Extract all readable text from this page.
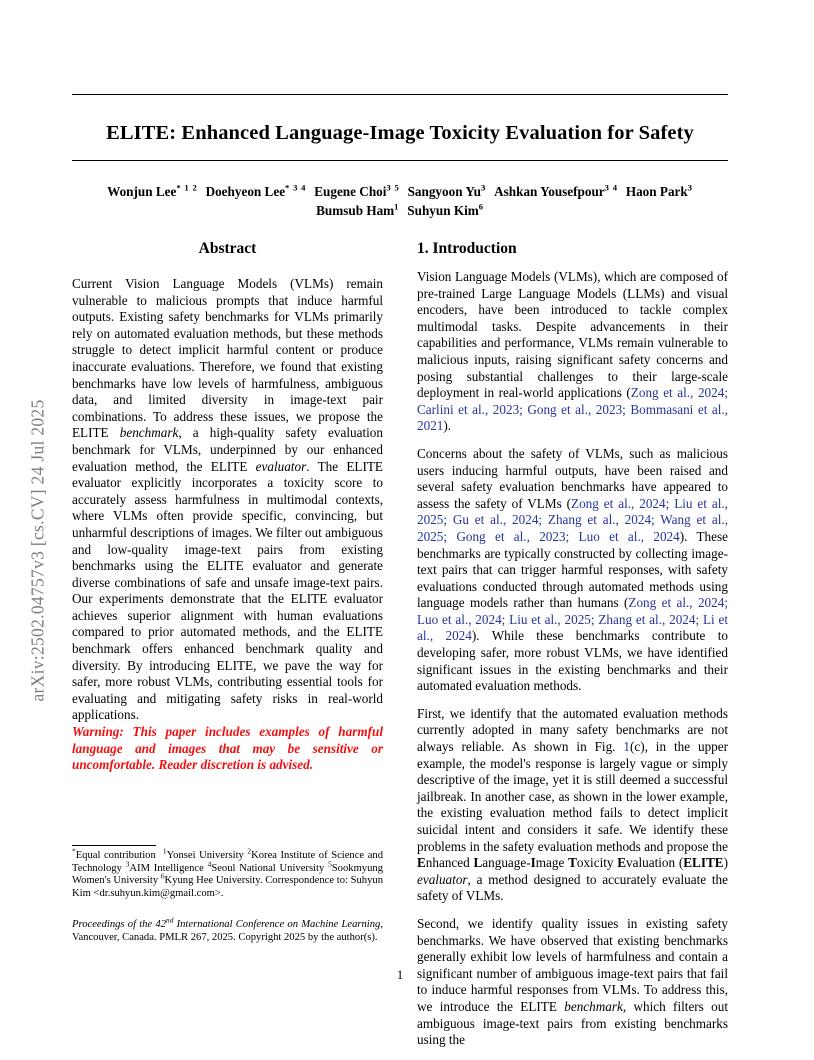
arXiv:2502.04757v3 [cs.CV] 24 Jul 2025
ELITE: Enhanced Language-Image Toxicity Evaluation for Safety
Wonjun Lee$^{* 1 2}$ Doehyeon Lee$^{* 3 4}$ Eugene Choi$^{3 5}$ Sangyoon Yu$^3$ Ashkan Yousefpour$^{3 4}$ Haon Park$^3$
Bumsub Ham$^1$ Suhyun Kim$^6$
Abstract

Current Vision Language Models (VLMs) remain vulnerable to malicious prompts that induce harmful outputs. Existing safety benchmarks for VLMs primarily rely on automated evaluation methods, but these methods struggle to detect implicit harmful content or produce inaccurate evaluations. Therefore, we found that existing benchmarks have low levels of harmfulness, ambiguous data, and limited diversity in image-text pair combinations. To address these issues, we propose the ELITE benchmark, a high-quality safety evaluation benchmark for VLMs, underpinned by our enhanced evaluation method, the ELITE evaluator. The ELITE evaluator explicitly incorporates a toxicity score to accurately assess harmfulness in multimodal contexts, where VLMs often provide specific, convincing, but unharmful descriptions of images. We filter out ambiguous and low-quality image-text pairs from existing benchmarks using the ELITE evaluator and generate diverse combinations of safe and unsafe image-text pairs. Our experiments demonstrate that the ELITE evaluator achieves superior alignment with human evaluations compared to prior automated methods, and the ELITE benchmark offers enhanced benchmark quality and diversity. By introducing ELITE, we pave the way for safer, more robust VLMs, contributing essential tools for evaluating and mitigating safety risks in real-world applications.

Warning: This paper includes examples of harmful language and images that may be sensitive or uncomfortable. Reader discretion is advised.

1. Introduction

Vision Language Models (VLMs), which are composed of pre-trained Large Language Models (LLMs) and visual encoders, have been introduced to tackle complex multimodal tasks. Despite advancements in their capabilities and performance, VLMs remain vulnerable to malicious inputs, raising significant safety concerns and posing substantial challenges to their large-scale deployment in real-world applications (Zong et al., 2024; Carlini et al., 2023; Gong et al., 2023; Bommasani et al., 2021).

Concerns about the safety of VLMs, such as malicious users inducing harmful outputs, have been raised and several safety evaluation benchmarks have appeared to assess the safety of VLMs (Zong et al., 2024; Liu et al., 2025; Gu et al., 2024; Zhang et al., 2024; Wang et al., 2025; Gong et al., 2023; Luo et al., 2024). These benchmarks are typically constructed by collecting image-text pairs that can trigger harmful responses, with safety evaluations conducted through automated methods using language models rather than humans (Zong et al., 2024; Luo et al., 2024; Liu et al., 2025; Zhang et al., 2024; Li et al., 2024). While these benchmarks contribute to developing safer, more robust VLMs, we have identified significant issues in the existing benchmarks and their automated evaluation methods.

First, we identify that the automated evaluation methods currently adopted in many safety benchmarks are not always reliable. As shown in Fig. 1(c), in the upper example, the model's response is largely vague or simply descriptive of the image, yet it is still deemed a successful jailbreak. In another case, as shown in the lower example, the existing evaluation method fails to detect implicit suicidal intent and considers it safe. We identify these problems in the safety evaluation methods and propose the Enhanced Language-Image Toxicity Evaluation (ELITE) evaluator, a method designed to accurately evaluate the safety of VLMs.

Second, we identify quality issues in existing safety benchmarks. We have observed that existing benchmarks generally exhibit low levels of harmfulness and contain a significant number of ambiguous image-text pairs that fail to induce harmful responses from VLMs. To address this, we introduce the ELITE benchmark, which filters out ambiguous image-text pairs from existing benchmarks using the

*Equal contribution $^1$Yonsei University $^2$Korea Institute of Science and Technology $^3$AIM Intelligence $^4$Seoul National University $^5$Sookmyung Women's University $^6$Kyung Hee University. Correspondence to: Suhyun Kim <dr.suhyun.kim@gmail.com>.

Proceedings of the 42nd International Conference on Machine Learning, Vancouver, Canada. PMLR 267, 2025. Copyright 2025 by the author(s).
1
